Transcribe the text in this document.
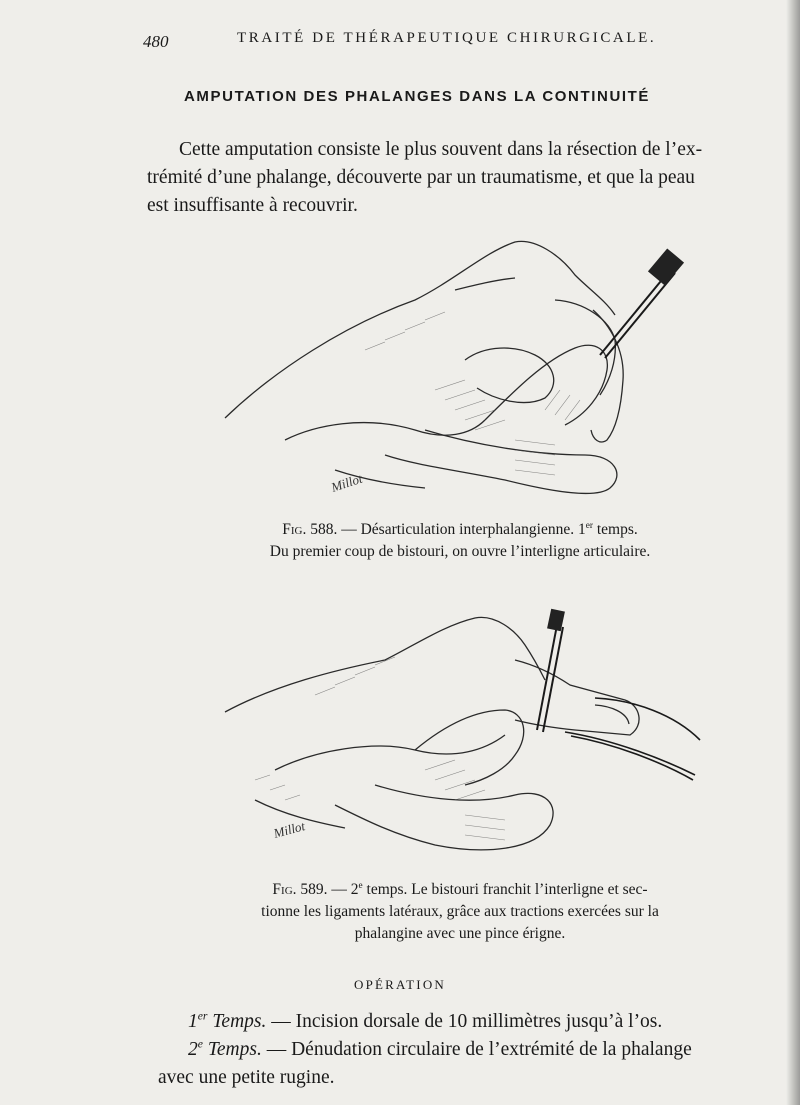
480	TRAITÉ DE THÉRAPEUTIQUE CHIRURGICALE.
AMPUTATION DES PHALANGES DANS LA CONTINUITÉ

Cette amputation consiste le plus souvent dans la résection de l’ex-
trémité d’une phalange, découverte par un traumatisme, et que la peau
est insuffisante à recouvrir.

Millot
Fig. 588. — Désarticulation interphalangienne. 1er temps.
Du premier coup de bistouri, on ouvre l’interligne articulaire.
Millot
Fig. 589. — 2e temps. Le bistouri franchit l’interligne et sec-
tionne les ligaments latéraux, grâce aux tractions exercées sur la
phalangine avec une pince érigne.
OPÉRATION
1er Temps. — Incision dorsale de 10 millimètres jusqu’à l’os.
2e Temps. — Dénudation circulaire de l’extrémité de la phalange
avec une petite rugine.
